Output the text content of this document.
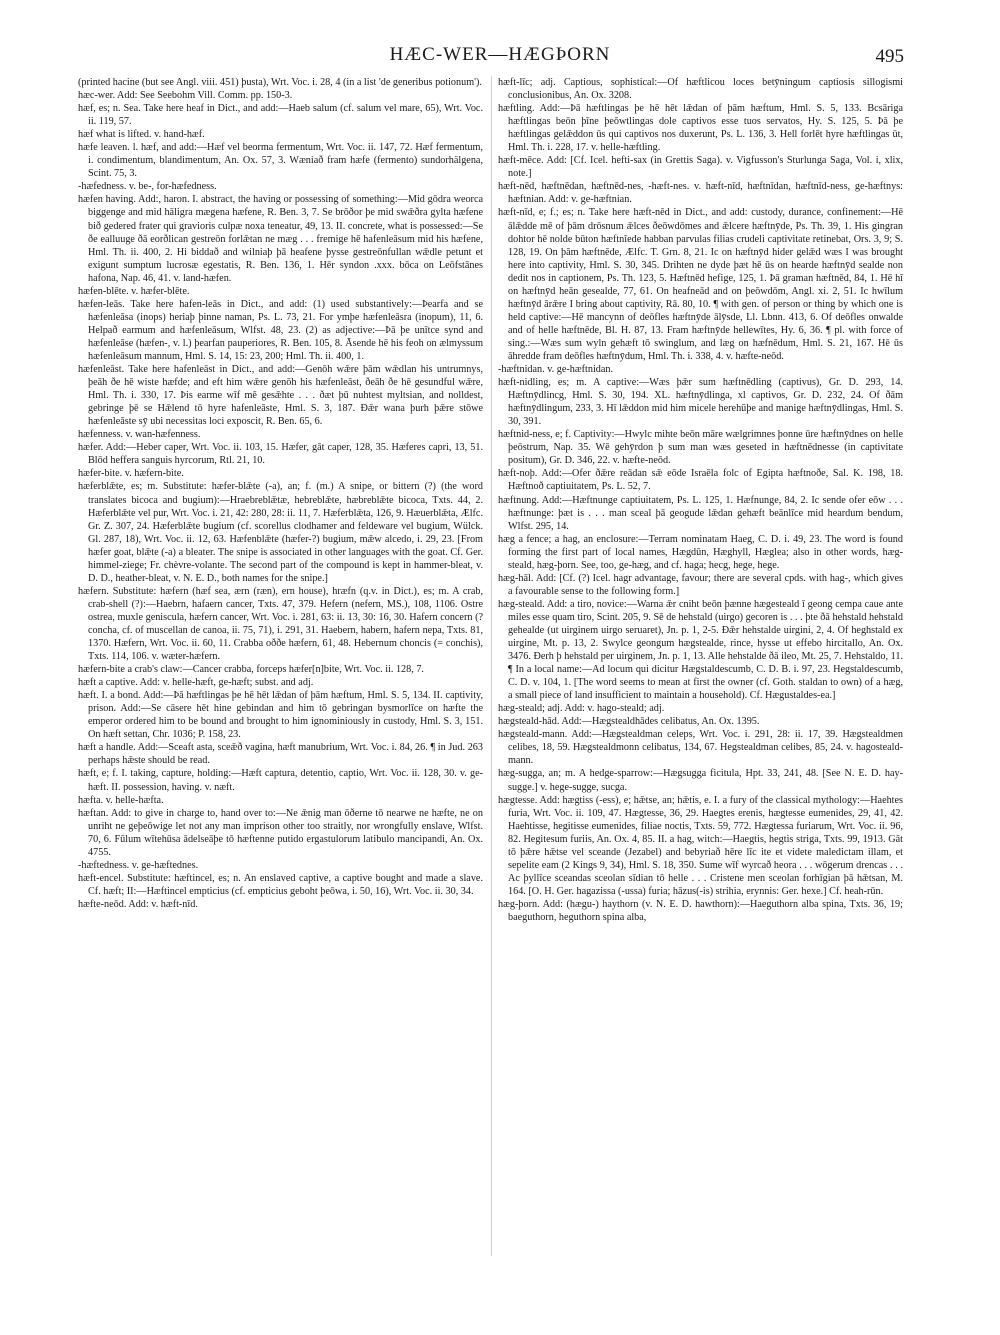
HÆC-WER—HÆGÞORN	495

(printed hacine (but see Angl. viii. 451) þusta), Wrt. Voc. i. 28, 4 (in a list 'de generibus potionum').

hæc-wer. Add: See Seebohm Vill. Comm. pp. 150-3.

hæf, es; n. Sea. Take here heaf in Dict., and add:—Haeb salum (cf. salum vel mare, 65), Wrt. Voc. ii. 119, 57.

hæf what is lifted. v. hand-hæf.

hæfe leaven. l. hæf, and add:—Hæf vel beorma fermentum, Wrt. Voc. ii. 147, 72. Hæf fermentum, i. condimentum, blandimentum, An. Ox. 57, 3. Wæniað fram hæfe (fermento) sundorhälgena, Scint. 75, 3.

-hæfedness. v. be-, for-hæfedness.

hæfen having. Add:, haron. I. abstract, the having or possessing of something:—Mid gōdra weorca biggenge and mid hāligra mægena hæfene, R. Ben. 3, 7. Se brōðor þe mid swǣðra gylta hæfene bið gedered frater qui gravioris culpæ noxa teneatur, 49, 13. II. concrete, what is possessed:—Se ðe ealluuge ðā eorðlican gestreōn forlǣtan ne mæg . . . fremige hē hafenleāsum mid his hæfene, Hml. Th. ii. 400, 2. Hi biddað and wilniaþ þā heafene þysse gestreōnfullan wǣdle petunt et exigunt sumptum lucrosæ egestatis, R. Ben. 136, 1. Hēr syndon .xxx. bōca on Leōfstānes hafona, Nap. 46, 41. v. land-hæfen.

hæfen-blēte. v. hæfer-blēte.

hæfen-leās. Take here hafen-leās in Dict., and add: (1) used substantively:—Þearfa and se hæfenleāsa (inops) heriaþ þinne naman, Ps. L. 73, 21. For ymþe hæfenleāsra (inopum), 11, 6. Helpað earmum and hæfenleāsum, Wlfst. 48, 23. (2) as adjective:—Þā þe unītce synd and hæfenleāse (hæfen-, v. l.) þearfan pauperiores, R. Ben. 105, 8. Āsende hē his feoh on ælmyssum hæfenleāsum mannum, Hml. S. 14, 15: 23, 200; Hml. Th. ii. 400, 1.

hæfenleāst. Take here hafenleāst in Dict., and add:—Genōh wǣre þām wǣdlan his untrumnys, þeāh ðe hē wiste hæfde; and eft him wǣre genōh his hæfenleāst, ðeāh ðe hē gesundful wǣre, Hml. Th. i. 330, 17. Þis earme wīf mē gesǣhte . . . ðæt þū nuhtest myltsian, and nolldest, gebringe þē se Hǣlend tō hyre hafenleāste, Hml. S. 3, 187. Ðǣr wana þurh þǣre stōwe hæfenleāste sȳ ubi necessitas loci exposcit, R. Ben. 65, 6.

hæfenness. v. wan-hæfenness.

hæfer. Add:—Heber caper, Wrt. Voc. ii. 103, 15. Hæfer, gāt caper, 128, 35. Hæferes capri, 13, 51. Blōd heffera sanguis hyrcorum, Rtl. 21, 10.

hæfer-bite. v. hæfern-bite.

hæferblǣte, es; m. Substitute: hæfer-blǣte (-a), an; f. (m.) A snipe, or bittern (?) (the word translates bicoca and bugium):—Hraebreblǣtæ, hebreblǣte, hæbreblǣte bicoca, Txts. 44, 2. Hæferblǣte vel pur, Wrt. Voc. i. 21, 42: 280, 28: ii. 11, 7. Hæferblǣta, 126, 9. Hæuerblǣta, Ælfc. Gr. Z. 307, 24. Hæferblǣte bugium (cf. scorellus clodhamer and feldeware vel bugium, Wülck. Gl. 287, 18), Wrt. Voc. ii. 12, 63. Hæfenblǣte (hæfer-?) bugium, mǣw alcedo, i. 29, 23. [From hæfer goat, blǣte (-a) a bleater. The snipe is associated in other languages with the goat. Cf. Ger. himmel-ziege; Fr. chèvre-volante. The second part of the compound is kept in hammer-bleat, v. D. D., heather-bleat, v. N. E. D., both names for the snipe.]

hæfern. Substitute: hæfern (hæf sea, ærn (ræn), ern house), hræfn (q.v. in Dict.), es; m. A crab, crab-shell (?):—Haebrn, hafaern cancer, Txts. 47, 379. Hefern (nefern, MS.), 108, 1106. Ostre ostrea, muxle geniscula, hæfern cancer, Wrt. Voc. i. 281, 63: ii. 13, 30: 16, 30. Hafern concern (? concha, cf. of muscellan de canoa, ii. 75, 71), i. 291, 31. Haebern, habern, hafern nepa, Txts. 81, 1370. Hæfern, Wrt. Voc. ii. 60, 11. Crabba oððe hæfern, 61, 48. Hebernum choncis (= conchis), Txts. 114, 106. v. wæter-hæfern.

hæfern-bite a crab's claw:—Cancer crabba, forceps hæfer[n]bite, Wrt. Voc. ii. 128, 7.

hæft a captive. Add: v. helle-hæft, ge-hæft; subst. and adj.

hæft. I. a bond. Add:—Þā hæftlingas þe hē hēt lǣdan of þām hæftum, Hml. S. 5, 134. II. captivity, prison. Add:—Se cāsere hēt hine gebindan and him tō gebringan bysmorlīce on hæfte the emperor ordered him to be bound and brought to him ignominiously in custody, Hml. S. 3, 151. On hæft settan, Chr. 1036; P. 158, 23.

hæft a handle. Add:—Sceaft asta, sceǣð vagina, hæft manubrium, Wrt. Voc. i. 84, 26. ¶ in Jud. 263 perhaps hǣste should be read.

hæft, e; f. I. taking, capture, holding:—Hæft captura, detentio, captio, Wrt. Voc. ii. 128, 30. v. ge-hæft. II. possession, having. v. næft.

hæfta. v. helle-hæfta.

hæftan. Add: to give in charge to, hand over to:—Ne ǣnig man ōðerne tō nearwe ne hæfte, ne on unriht ne geþeōwige let not any man imprison other too straitly, nor wrongfully enslave, Wlfst. 70, 6. Fūlum wītehūsa ādelseāþe tō hæftenne putido ergastulorum latibulo mancipandi, An. Ox. 4755.

-hæftedness. v. ge-hæftednes.

hæft-encel. Substitute: hæftincel, es; n. An enslaved captive, a captive bought and made a slave. Cf. hæft; II:—Hæftincel empticius (cf. empticius geboht þeōwa, i. 50, 16), Wrt. Voc. ii. 30, 34.

hæfte-neōd. Add: v. hæft-nīd.

hæft-līc; adj. Captious, sophistical:—Of hæftlicou loces betȳningum captiosis sillogismi conclusionibus, An. Ox. 3208.

hæftling. Add:—Þā hæftlingas þe hē hēt lǣdan of þām hæftum, Hml. S. 5, 133. Bcsāriga hæftlingas beōn þīne þeōwtlingas dole captivos esse tuos servatos, Hy. S. 125, 5. Þā þe hæftlingas gelǣddon ūs qui captivos nos duxerunt, Ps. L. 136, 3. Hell forlēt hyre hæftlingas ūt, Hml. Th. i. 228, 17. v. helle-hæftling.

hæft-mēce. Add: [Cf. Icel. hefti-sax (in Grettis Saga). v. Vigfusson's Sturlunga Saga, Vol. i, xlix, note.]

hæft-nēd, hæftnēdan, hæftnēd-nes, -hæft-nes. v. hæft-nīd, hæftnīdan, hæftnīd-ness, ge-hæftnys: hæftnian. Add: v. ge-hæftnian.

hæft-nīd, e; f.; es; n. Take here hæft-nēd in Dict., and add: custody, durance, confinement:—Hē ālǣdde mē of þām drōsnum ǣlces ðeōwdōmes and ǣlcere hæftnȳde, Ps. Th. 39, 1. His gingran dohtor hē nolde būton hæftnīede habban parvulas filias crudeli captivitate retinebat, Ors. 3, 9; S. 128, 19. On þām hæftnēde, Ælfc. T. Grn. 8, 21. Ic on hæftnȳd hider gelǣd wæs I was brought here into captivity, Hml. S. 30, 345. Drihten ne dyde þæt hē ūs on hearde hæftnȳd sealde non dedit nos in captionem, Ps. Th. 123, 5. Hæftnēd hefige, 125, 1. Þā graman hæftnēd, 84, 1. Hē hī on hæftnȳd heān gesealde, 77, 61. On heafneād and on þeōwdōm, Angl. xi. 2, 51. Ic hwīlum hæftnȳd ārǣre I bring about captivity, Rā. 80, 10. ¶ with gen. of person or thing by which one is held captive:—Hē mancynn of deōfles hæftnȳde ālȳsde, Ll. Lbnn. 413, 6. Of deōfles onwalde and of helle hæftnēde, Bl. H. 87, 13. Fram hæftnȳde hellewītes, Hy. 6, 36. ¶ pl. with force of sing.:—Wæs sum wyln gehæft tō swinglum, and læg on hæfnēdum, Hml. S. 21, 167. Hē ūs āhredde fram deōfles hæftnȳdum, Hml. Th. i. 338, 4. v. hæfte-neōd.

-hæftnidan. v. ge-hæftnidan.

hæft-nidling, es; m. A captive:—Wæs þǣr sum hæftnēdling (captivus), Gr. D. 293, 14. Hæftnȳdlincg, Hml. S. 30, 194. XL. hæftnȳdlinga, xl captivos, Gr. D. 232, 24. Of ðām hæftnȳdlingum, 233, 3. Hī lǣddon mid him micele herehūþe and manige hæftnȳdlingas, Hml. S. 30, 391.

hæftnid-ness, e; f. Captivity:—Hwylc mihte beōn māre wælgrimnes þonne ūre hæftnȳdnes on helle þeōstrum, Nap. 35. Wē gehȳrdon þ sum man wæs geseted in hæftnēdnesse (in captivitate positum), Gr. D. 346, 22. v. hæfte-neōd.

hæft-noþ. Add:—Ofer ðǣre reādan sǣ eōde Israēla folc of Egipta hæftnoðe, Sal. K. 198, 18. Hæftnoð captiuitatem, Ps. L. 52, 7.

hæftnung. Add:—Hæftnunge captiuitatem, Ps. L. 125, 1. Hæfnunge, 84, 2. Ic sende ofer eōw . . . hæftnunge: þæt is . . . man sceal þā geogude lǣdan gehæft beānlīce mid heardum bendum, Wlfst. 295, 14.

hæg a fence; a hag, an enclosure:—Terram nominatam Haeg, C. D. i. 49, 23. The word is found forming the first part of local names, Hægdūn, Hæghyll, Hæglea; also in other words, hæg-steald, hæg-þorn. See, too, ge-hæg, and cf. haga; hecg, hege, hege.

hæg-hāl. Add: [Cf. (?) Icel. hagr advantage, favour; there are several cpds. with hag-, which gives a favourable sense to the following form.]

hæg-steald. Add: a tiro, novice:—Warna ǣr cniht beōn þænne hægesteald ī geong cempa caue ante miles esse quam tiro, Scint. 205, 9. Sē de hehstald (uirgo) gecoren is . . . þte ðā hehstald hehstald gehealde (ut uirginem uirgo seruaret), Jn. p. 1, 2-5. Ðǣr hehstalde uirgini, 2, 4. Of heghstald ex uirgine, Mt. p. 13, 2. Swylce geongum hægstealde, rince, hysse ut effebo hircitallo, An. Ox. 3476. Ðerh þ hehstald per uirginem, Jn. p. 1, 13. Alle hehstalde ðā ileo, Mt. 25, 7. Hehstaldo, 11. ¶ In a local name:—Ad locum qui dicitur Hægstaldescumb, C. D. B. i. 97, 23. Hegstaldescumb, C. D. v. 104, 1. [The word seems to mean at first the owner (cf. Goth. staldan to own) of a hæg, a small piece of land insufficient to maintain a household). Cf. Hægustaldes-ea.]

hæg-steald; adj. Add: v. hago-steald; adj.

hægsteald-hād. Add:—Hægstealdhādes celibatus, An. Ox. 1395.

hægsteald-mann. Add:—Hægstealdman celeps, Wrt. Voc. i. 291, 28: ii. 17, 39. Hægstealdmen celibes, 18, 59. Hægstealdmonn celibatus, 134, 67. Hegstealdman celibes, 85, 24. v. hagosteald-mann.

hæg-sugga, an; m. A hedge-sparrow:—Hægsugga ficitula, Hpt. 33, 241, 48. [See N. E. D. hay-sugge.] v. hege-sugge, sucga.

hægtesse. Add: hægtiss (-ess), e; hǣtse, an; hǣtis, e. I. a fury of the classical mythology:—Haehtes furia, Wrt. Voc. ii. 109, 47. Hægtesse, 36, 29. Haegtes erenis, hægtesse eumenides, 29, 41, 42. Haehtisse, hegitisse eumenides, filiae noctis, Txts. 59, 772. Hægtessa furiarum, Wrt. Voc. ii. 96, 82. Hegitesum furiis, An. Ox. 4, 85. II. a hag, witch:—Haegtis, hegtis striga, Txts. 99, 1913. Gāt tō þǣre hǣtse vel sceande (Jezabel) and bebyriað hēre līc ite et videte maledictam illam, et sepelite eam (2 Kings 9, 34), Hml. S. 18, 350. Sume wīf wyrcað heora . . . wōgerum drencas . . . Ac þyllīce sceandas sceolan sīdian tō helle . . . Cristene men sceolan forhīgian þā hǣtsan, M. 164. [O. H. Ger. hagazissa (-ussa) furia; hāzus(-is) strihia, erynnis: Ger. hexe.] Cf. heah-rūn.

hæg-þorn. Add: (hægu-) haythorn (v. N. E. D. hawthorn):—Haeguthorn alba spina, Txts. 36, 19; baeguthorn, heguthorn spina alba,
